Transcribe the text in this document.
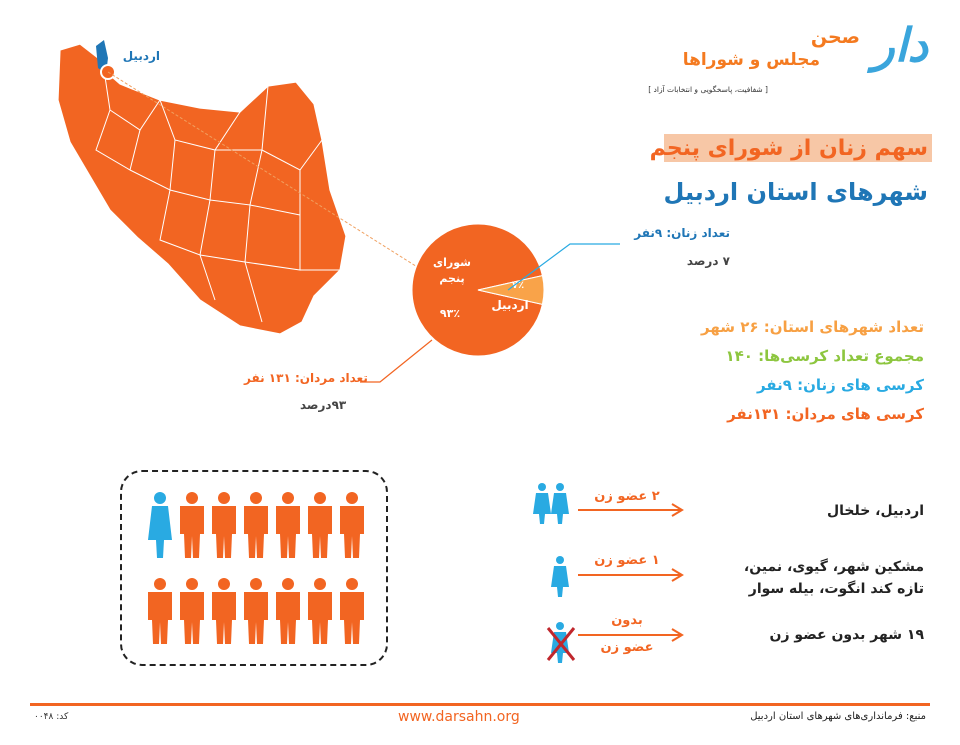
دار
صحن
مجلس و شوراها
[ شفافیت، پاسخگویی و انتخابات آزاد ]
سهم زنان از شورای پنجم
شهرهای استان اردبیل
اردبیل
شورای
پنجم
اردبیل
۹۳٪
۷٪
تعداد زنان: ۹نفر
۷ درصد
تعداد مردان: ۱۳۱ نفر
۹۳درصد
تعداد شهرهای استان: ۲۶ شهر
مجموع تعداد کرسی‌ها: ۱۴۰
کرسی های زنان: ۹نفر
کرسی های مردان: ۱۳۱نفر
۲ عضو زن
۱ عضو زن
بدون
عضو زن
اردبیل، خلخال
مشکین شهر، گیوی، نمین،
تازه کند انگوت، بیله سوار
۱۹ شهر بدون عضو زن
منبع: فرمانداری‌های شهرهای استان اردبیل
www.darsahn.org
کد: ۰۰۴۸
